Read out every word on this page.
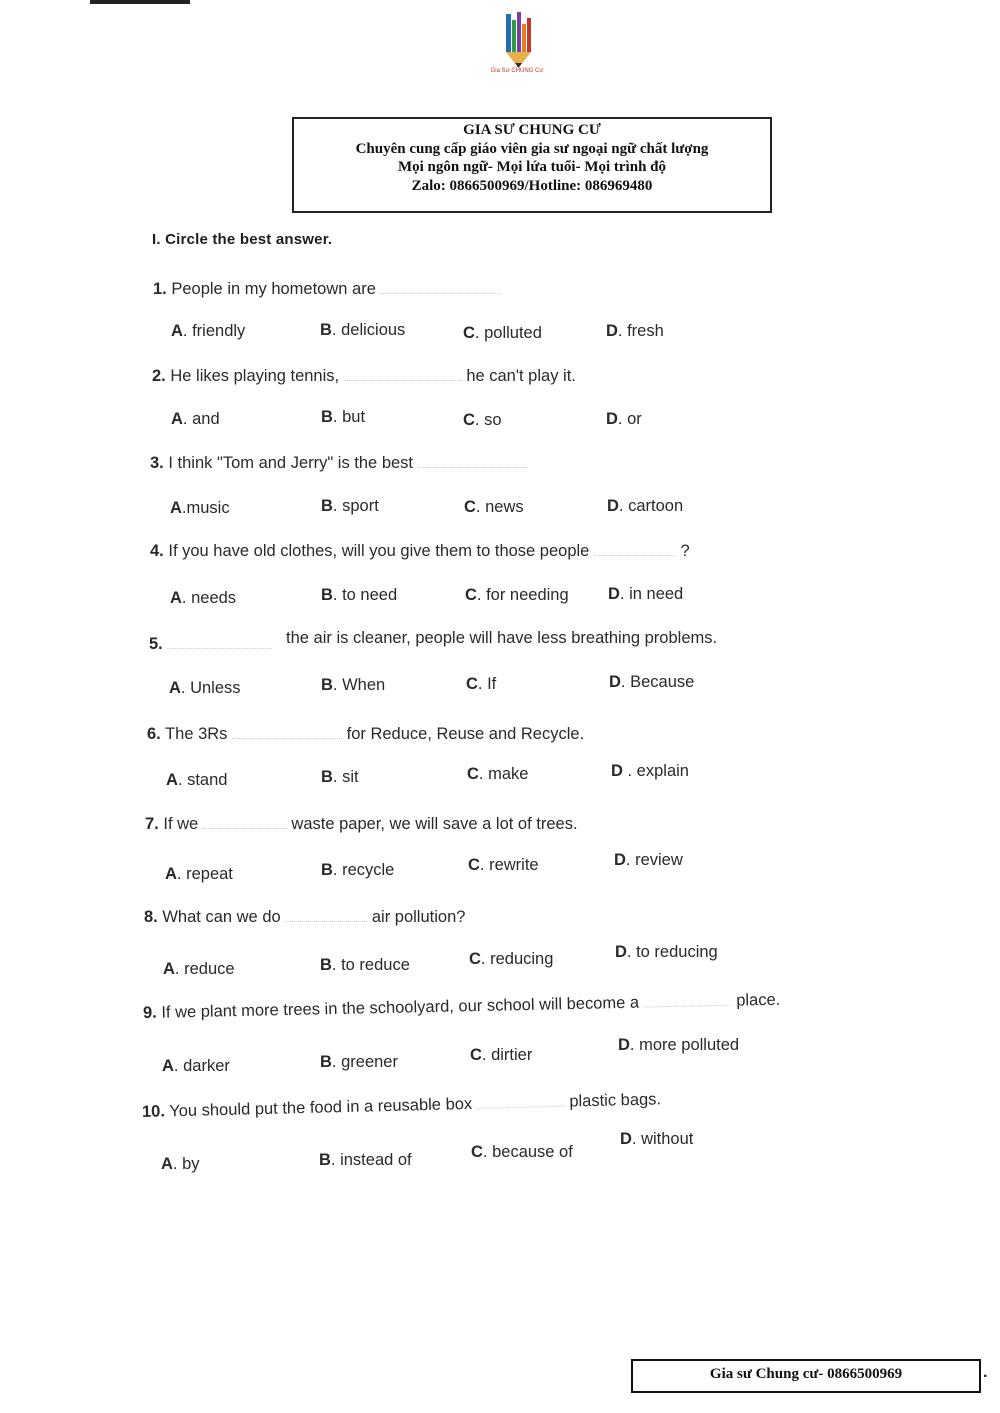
Gia Sư CHUNG Cư
GIA SƯ CHUNG CƯ
Chuyên cung cấp giáo viên gia sư ngoại ngữ chất lượng
Mọi ngôn ngữ- Mọi lứa tuổi- Mọi trình độ
Zalo: 0866500969/Hotline: 086969480
I. Circle the best answer.
1. People in my hometown are
A. friendly	B. delicious	C. polluted	D. fresh
2. He likes playing tennis,	he can't play it.
A. and	B. but	C. so	D. or
3. I think "Tom and Jerry" is the best
A.music	B. sport	C. news	D. cartoon
4. If you have old clothes, will you give them to those people	?
A. needs	B. to need	C. for needing D. in need
5.	the air is cleaner, people will have less breathing problems.
A. Unless	B. When	C. If	D. Because
6. The 3Rs	for Reduce, Reuse and Recycle.
A. stand	B. sit	C. make	D . explain
7. If we	waste paper, we will save a lot of trees.
A. repeat	B. recycle	C. rewrite	D. review
8. What can we do	air pollution?
A. reduce	B. to reduce	C. reducing	D. to reducing
9. If we plant more trees in the schoolyard, our school will become a	place.
A. darker	B. greener	C. dirtier
D. more polluted
10. You should put the food in a reusable box	plastic bags.
A. by	B. instead of	C. because of
D. without
Gia sư Chung cư- 0866500969	.
